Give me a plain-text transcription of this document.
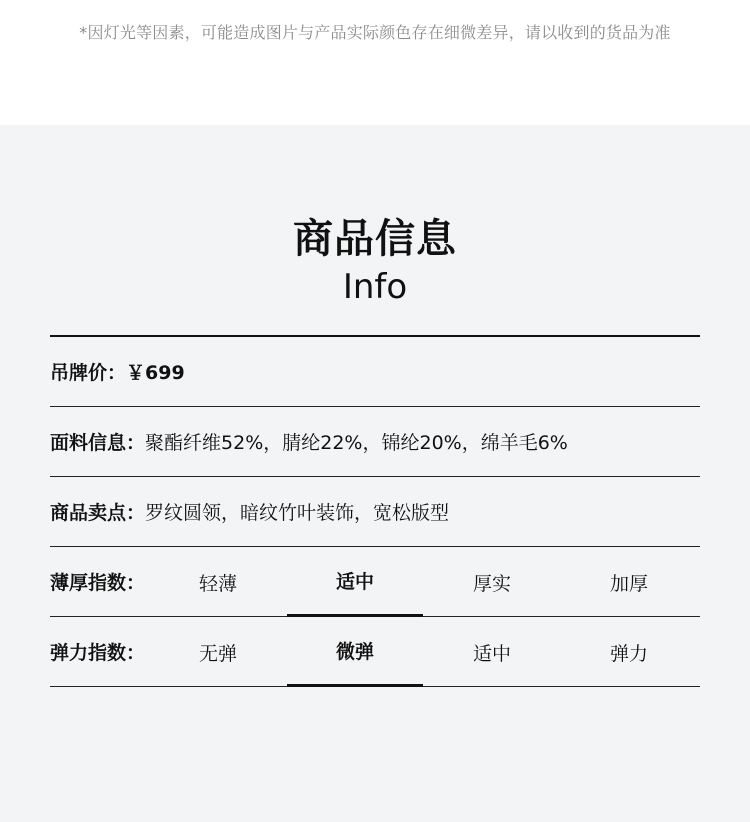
*因灯光等因素，可能造成图片与产品实际颜色存在细微差异，请以收到的货品为准
商品信息
Info
吊牌价： ￥699
面料信息： 聚酯纤维52%，腈纶22%，锦纶20%，绵羊毛6%
商品卖点： 罗纹圆领，暗纹竹叶装饰，宽松版型
薄厚指数：	轻薄	适中	厚实	加厚
弹力指数：	无弹	微弹	适中	弹力
